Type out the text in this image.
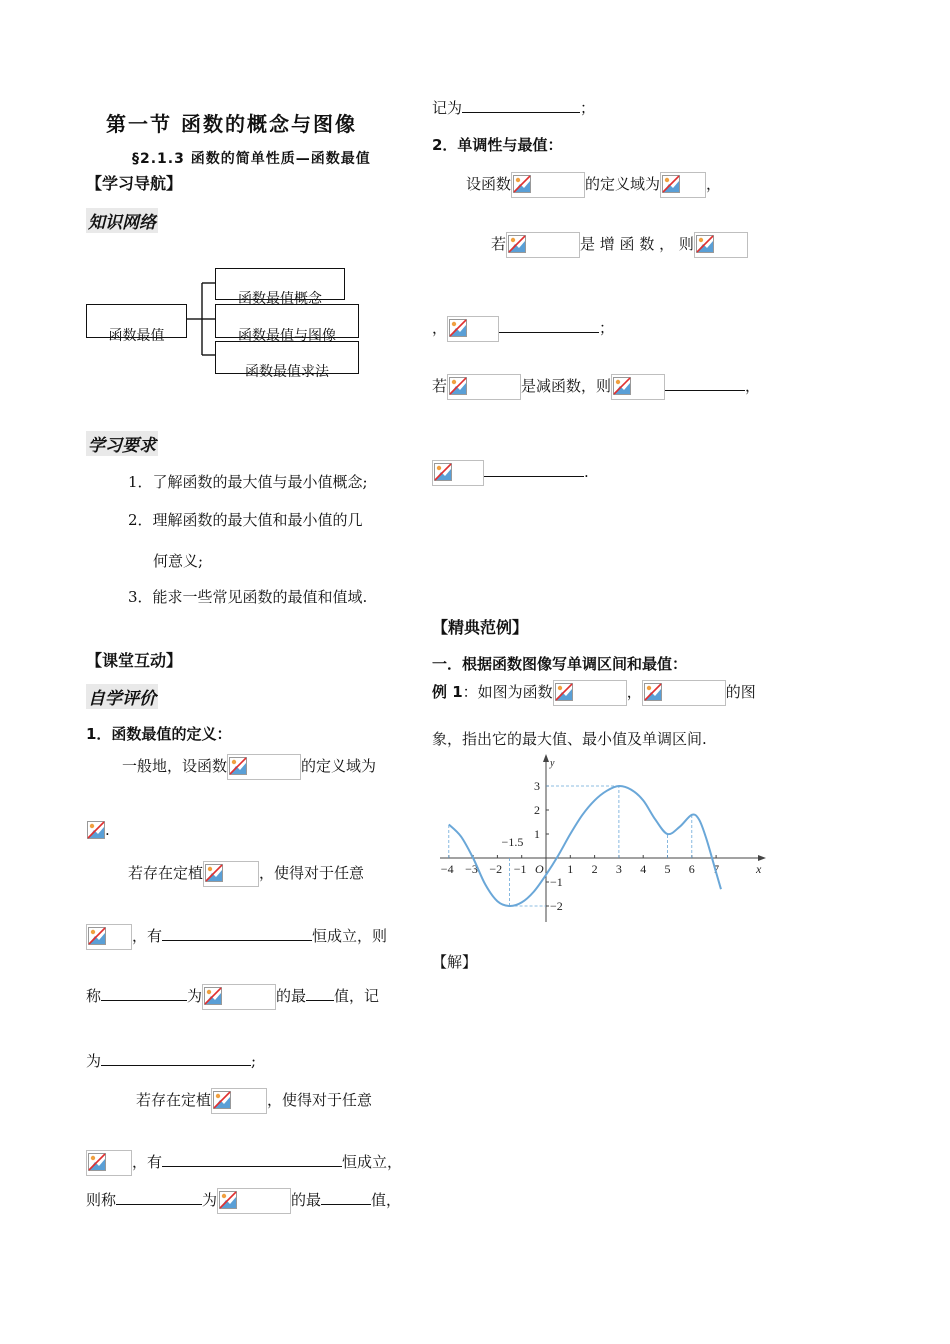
第一节 函数的概念与图像
§2.1.3 函数的简单性质—函数最值
【学习导航】
知识网络
函数最值
函数最值概念
函数最值与图像
函数最值求法
学习要求
1．了解函数的最大值与最小值概念;
2．理解函数的最大值和最小值的几
何意义;
3．能求一些常见函数的最值和值域.
【课堂互动】
自学评价
1．函数最值的定义：
一般地，设函数	的定义域为
.
若存在定植	，使得对于任意
，有	恒成立，则
称	为	的最 值，记
为	;
若存在定植	，使得对于任意
，有	恒成立，
则称	为	的最	值，
记为	；
2．单调性与最值：
设函数	的定义域为	，
若	是 增 函 数 ， 则
，	；
若	是减函数，则	，
.
【精典范例】
一．根据函数图像写单调区间和最值：
例 1：如图为函数	，	的图
象，指出它的最大值、最小值及单调区间.
x
y
O
−4 −3 −2 −1	1 2 3 4 5 6 7
3
2
1
−1
−2
−1.5
【解】
